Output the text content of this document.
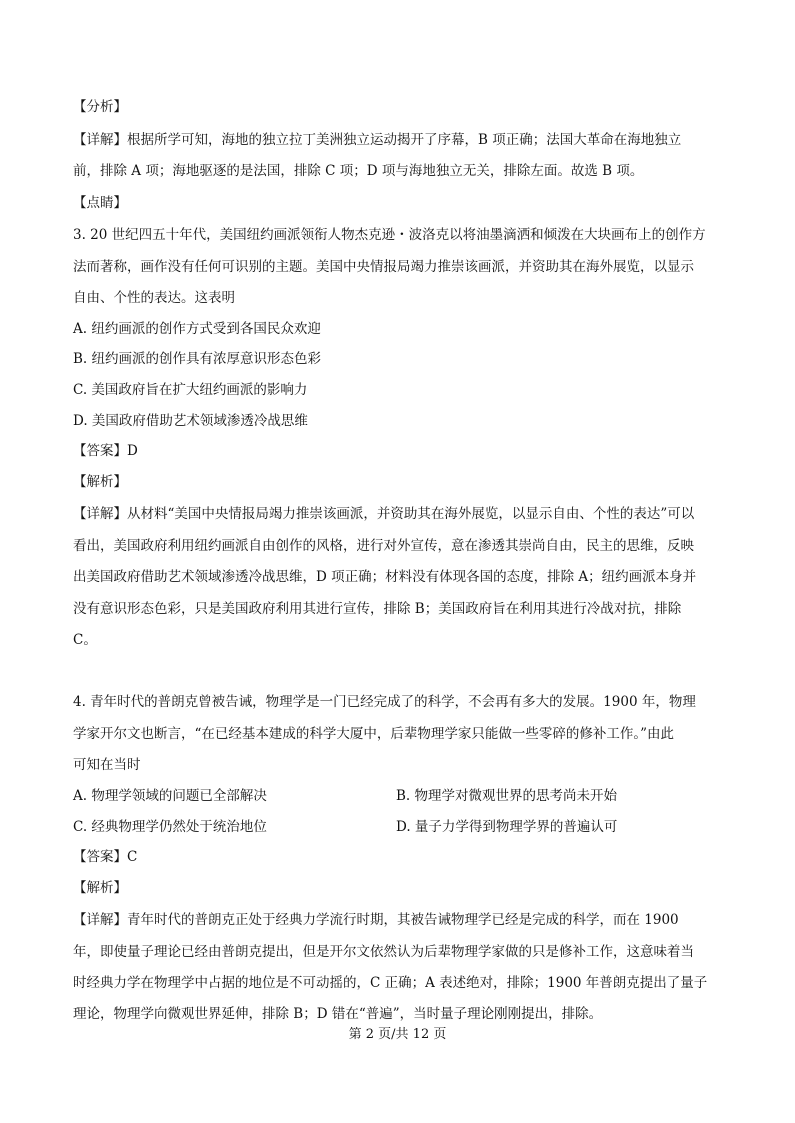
【分析】
【详解】根据所学可知，海地的独立拉丁美洲独立运动揭开了序幕，B 项正确；法国大革命在海地独立
前，排除 A 项；海地驱逐的是法国，排除 C 项；D 项与海地独立无关，排除左面。故选 B 项。
【点睛】
3. 20 世纪四五十年代，美国纽约画派领衔人物杰克逊・波洛克以将油墨滴洒和倾泼在大块画布上的创作方
法而著称，画作没有任何可识别的主题。美国中央情报局竭力推崇该画派，并资助其在海外展览，以显示
自由、个性的表达。这表明
A. 纽约画派的创作方式受到各国民众欢迎
B. 纽约画派的创作具有浓厚意识形态色彩
C. 美国政府旨在扩大纽约画派的影响力
D. 美国政府借助艺术领域渗透冷战思维
【答案】D
【解析】
【详解】从材料“美国中央情报局竭力推崇该画派，并资助其在海外展览，以显示自由、个性的表达”可以
看出，美国政府利用纽约画派自由创作的风格，进行对外宣传，意在渗透其崇尚自由，民主的思维，反映
出美国政府借助艺术领域渗透冷战思维，D 项正确；材料没有体现各国的态度，排除 A；纽约画派本身并
没有意识形态色彩，只是美国政府利用其进行宣传，排除 B；美国政府旨在利用其进行冷战对抗，排除
C。
4. 青年时代的普朗克曾被告诫，物理学是一门已经完成了的科学，不会再有多大的发展。1900 年，物理
学家开尔文也断言，“在已经基本建成的科学大厦中，后辈物理学家只能做一些零碎的修补工作。”由此
可知在当时
A. 物理学领域的问题已全部解决	B. 物理学对微观世界的思考尚未开始
C. 经典物理学仍然处于统治地位	D. 量子力学得到物理学界的普遍认可
【答案】C
【解析】
【详解】青年时代的普朗克正处于经典力学流行时期，其被告诫物理学已经是完成的科学，而在 1900
年，即使量子理论已经由普朗克提出，但是开尔文依然认为后辈物理学家做的只是修补工作，这意味着当
时经典力学在物理学中占据的地位是不可动摇的，C 正确；A 表述绝对，排除；1900 年普朗克提出了量子
理论，物理学向微观世界延伸，排除 B；D 错在“普遍”，当时量子理论刚刚提出，排除。
第 2 页/共 12 页
